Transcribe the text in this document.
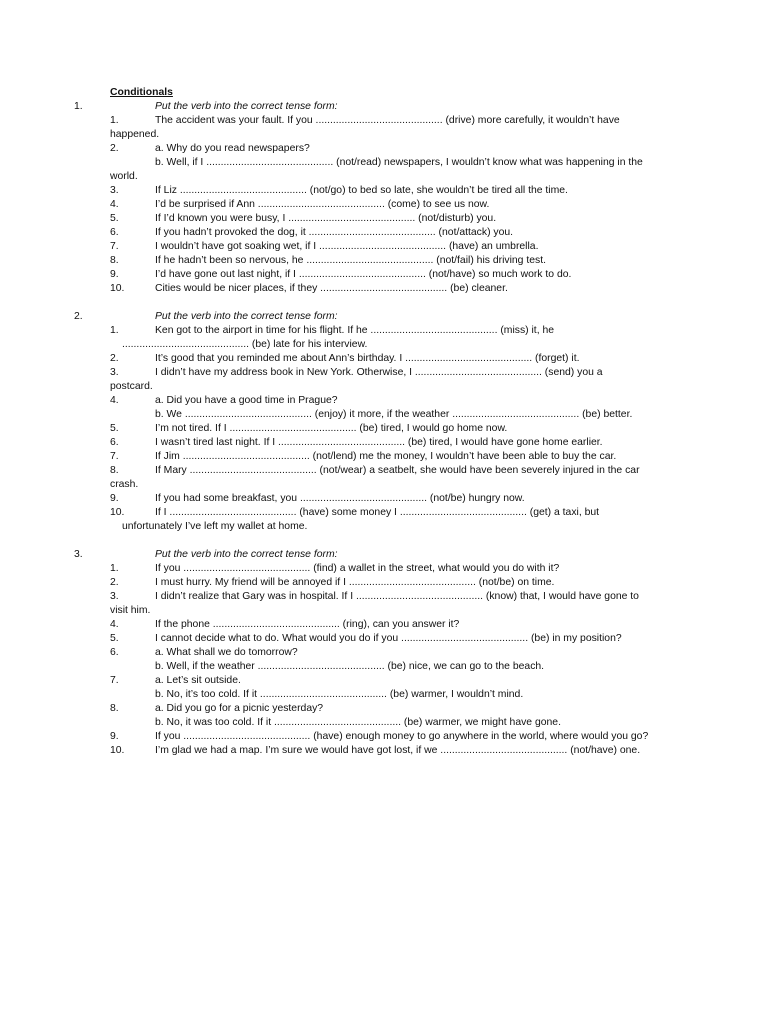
Conditionals
1.	Put the verb into the correct tense form:
1.	The accident was your fault. If you ............................................ (drive) more carefully, it wouldn’t have
happened.
2.	a. Why do you read newspapers?
b. Well, if I ............................................ (not/read) newspapers, I wouldn’t know what was happening in the
world.
3.	If Liz ............................................ (not/go) to bed so late, she wouldn’t be tired all the time.
4.	I’d be surprised if Ann ............................................ (come) to see us now.
5.	If I’d known you were busy, I ............................................ (not/disturb) you.
6.	If you hadn’t provoked the dog, it ............................................ (not/attack) you.
7.	I wouldn’t have got soaking wet, if I ............................................ (have) an umbrella.
8.	If he hadn’t been so nervous, he ............................................ (not/fail) his driving test.
9.	I’d have gone out last night, if I ............................................ (not/have) so much work to do.
10.	Cities would be nicer places, if they ............................................ (be) cleaner.
2.	Put the verb into the correct tense form:
1.	Ken got to the airport in time for his flight. If he ............................................ (miss) it, he
............................................ (be) late for his interview.
2.	It’s good that you reminded me about Ann’s birthday. I ............................................ (forget) it.
3.	I didn’t have my address book in New York. Otherwise, I ............................................ (send) you a
postcard.
4.	a. Did you have a good time in Prague?
b. We ............................................ (enjoy) it more, if the weather ............................................ (be) better.
5.	I’m not tired. If I ............................................ (be) tired, I would go home now.
6.	I wasn’t tired last night. If I ............................................ (be) tired, I would have gone home earlier.
7.	If Jim ............................................ (not/lend) me the money, I wouldn’t have been able to buy the car.
8.	If Mary ............................................ (not/wear) a seatbelt, she would have been severely injured in the car
crash.
9.	If you had some breakfast, you ............................................ (not/be) hungry now.
10.	If I ............................................ (have) some money I ............................................ (get) a taxi, but
unfortunately I’ve left my wallet at home.
3.	Put the verb into the correct tense form:
1.	If you ............................................ (find) a wallet in the street, what would you do with it?
2.	I must hurry. My friend will be annoyed if I ............................................ (not/be) on time.
3.	I didn’t realize that Gary was in hospital. If I ............................................ (know) that, I would have gone to
visit him.
4.	If the phone ............................................ (ring), can you answer it?
5.	I cannot decide what to do. What would you do if you ............................................ (be) in my position?
6.	a. What shall we do tomorrow?
b. Well, if the weather ............................................ (be) nice, we can go to the beach.
7.	a. Let’s sit outside.
b. No, it’s too cold. If it ............................................ (be) warmer, I wouldn’t mind.
8.	a. Did you go for a picnic yesterday?
b. No, it was too cold. If it ............................................ (be) warmer, we might have gone.
9.	If you ............................................ (have) enough money to go anywhere in the world, where would you go?
10.	I’m glad we had a map. I’m sure we would have got lost, if we ............................................ (not/have) one.
